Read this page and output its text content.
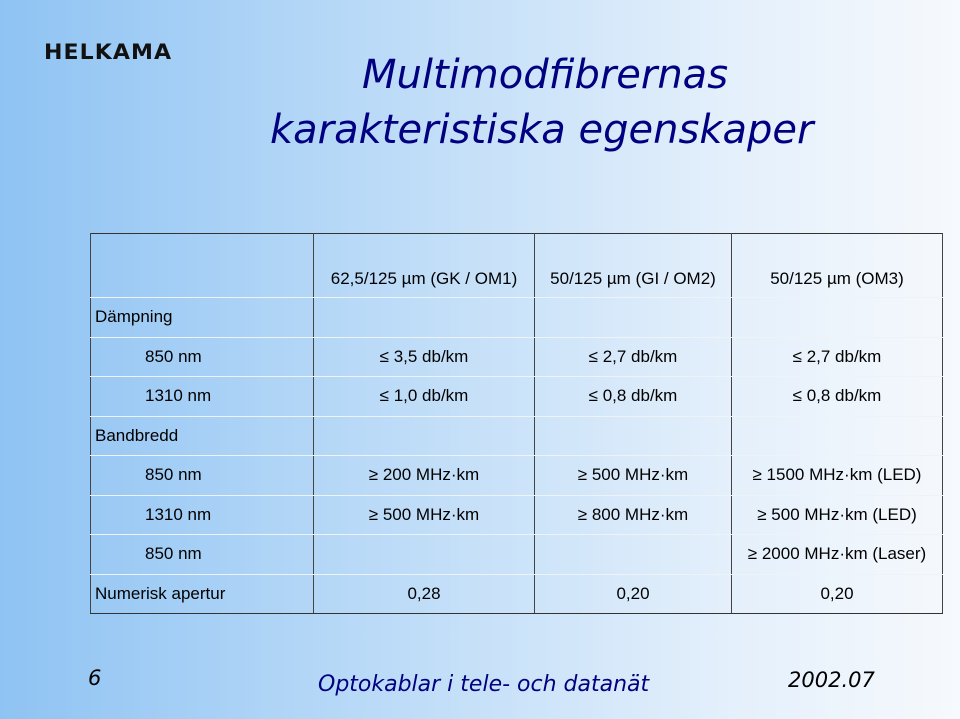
HELKAMA	Multimodfibrernas
karakteristiska egenskaper
	62,5/125 µm (GK / OM1)	50/125 µm (GI / OM2)	50/125 µm (OM3)
Dämpning			
850 nm	≤ 3,5 db/km	≤ 2,7 db/km	≤ 2,7 db/km
1310 nm	≤ 1,0 db/km	≤ 0,8 db/km	≤ 0,8 db/km
Bandbredd			
850 nm	≥ 200 MHz·km	≥ 500 MHz·km	≥ 1500 MHz·km (LED)
1310 nm	≥ 500 MHz·km	≥ 800 MHz·km	≥ 500 MHz·km (LED)
850 nm			≥ 2000 MHz·km (Laser)
Numerisk apertur	0,28	0,20	0,20
6	Optokablar i tele- och datanät	2002.07
